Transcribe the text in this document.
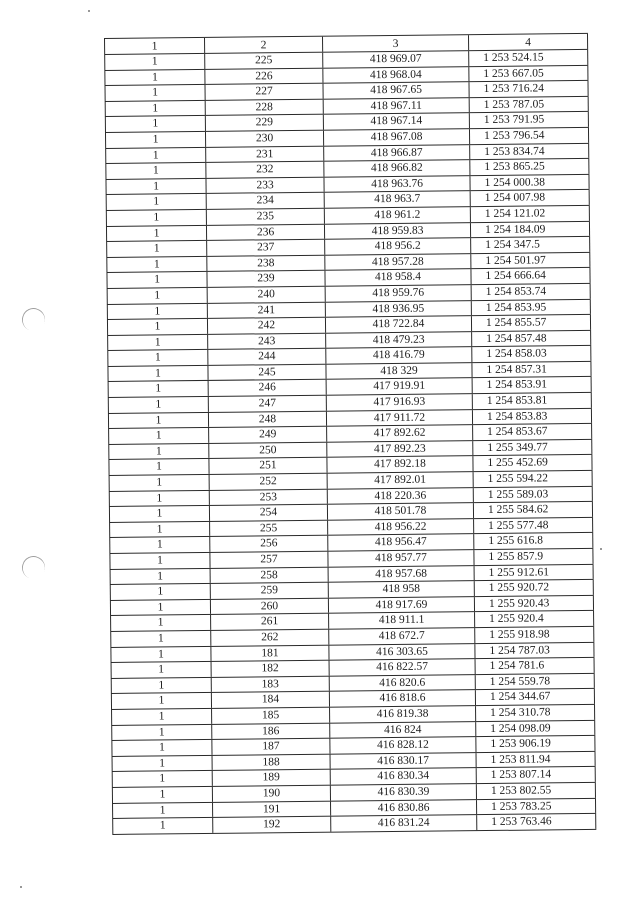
1	2	3	4
1	225	418 969.07	1 253 524.15
1	226	418 968.04	1 253 667.05
1	227	418 967.65	1 253 716.24
1	228	418 967.11	1 253 787.05
1	229	418 967.14	1 253 791.95
1	230	418 967.08	1 253 796.54
1	231	418 966.87	1 253 834.74
1	232	418 966.82	1 253 865.25
1	233	418 963.76	1 254 000.38
1	234	418 963.7	1 254 007.98
1	235	418 961.2	1 254 121.02
1	236	418 959.83	1 254 184.09
1	237	418 956.2	1 254 347.5
1	238	418 957.28	1 254 501.97
1	239	418 958.4	1 254 666.64
1	240	418 959.76	1 254 853.74
1	241	418 936.95	1 254 853.95
1	242	418 722.84	1 254 855.57
1	243	418 479.23	1 254 857.48
1	244	418 416.79	1 254 858.03
1	245	418 329	1 254 857.31
1	246	417 919.91	1 254 853.91
1	247	417 916.93	1 254 853.81
1	248	417 911.72	1 254 853.83
1	249	417 892.62	1 254 853.67
1	250	417 892.23	1 255 349.77
1	251	417 892.18	1 255 452.69
1	252	417 892.01	1 255 594.22
1	253	418 220.36	1 255 589.03
1	254	418 501.78	1 255 584.62
1	255	418 956.22	1 255 577.48
1	256	418 956.47	1 255 616.8
1	257	418 957.77	1 255 857.9
1	258	418 957.68	1 255 912.61
1	259	418 958	1 255 920.72
1	260	418 917.69	1 255 920.43
1	261	418 911.1	1 255 920.4
1	262	418 672.7	1 255 918.98
1	181	416 303.65	1 254 787.03
1	182	416 822.57	1 254 781.6
1	183	416 820.6	1 254 559.78
1	184	416 818.6	1 254 344.67
1	185	416 819.38	1 254 310.78
1	186	416 824	1 254 098.09
1	187	416 828.12	1 253 906.19
1	188	416 830.17	1 253 811.94
1	189	416 830.34	1 253 807.14
1	190	416 830.39	1 253 802.55
1	191	416 830.86	1 253 783.25
1	192	416 831.24	1 253 763.46
